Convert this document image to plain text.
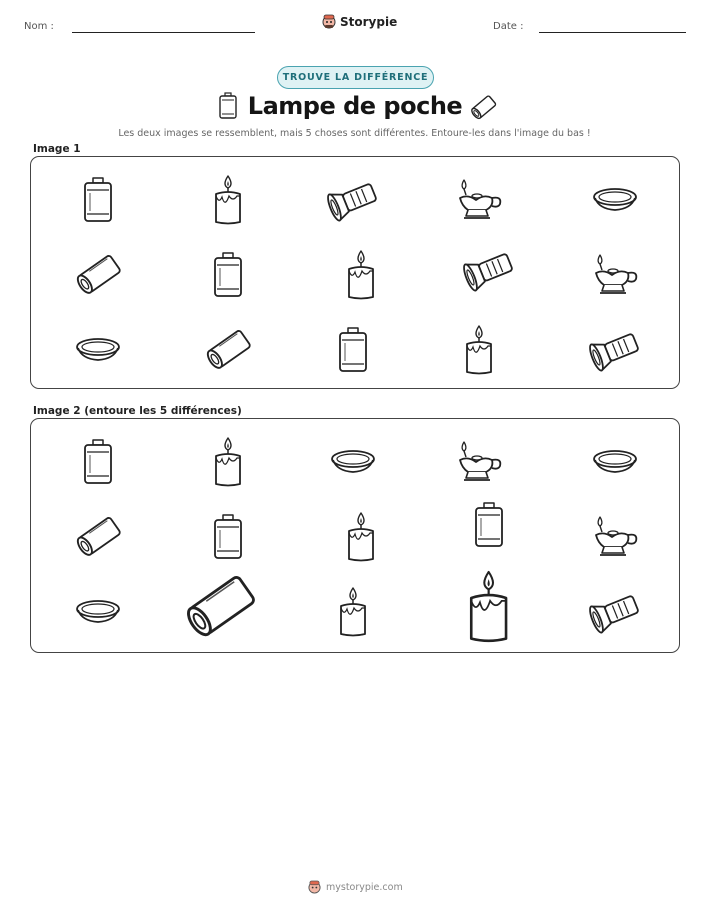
Nom :	Storypie	Date :
TROUVE LA DIFFÉRENCE
Lampe de poche
Les deux images se ressemblent, mais 5 choses sont différentes. Entoure-les dans l'image du bas !
Image 1
Image 2 (entoure les 5 différences)
mystorypie.com
